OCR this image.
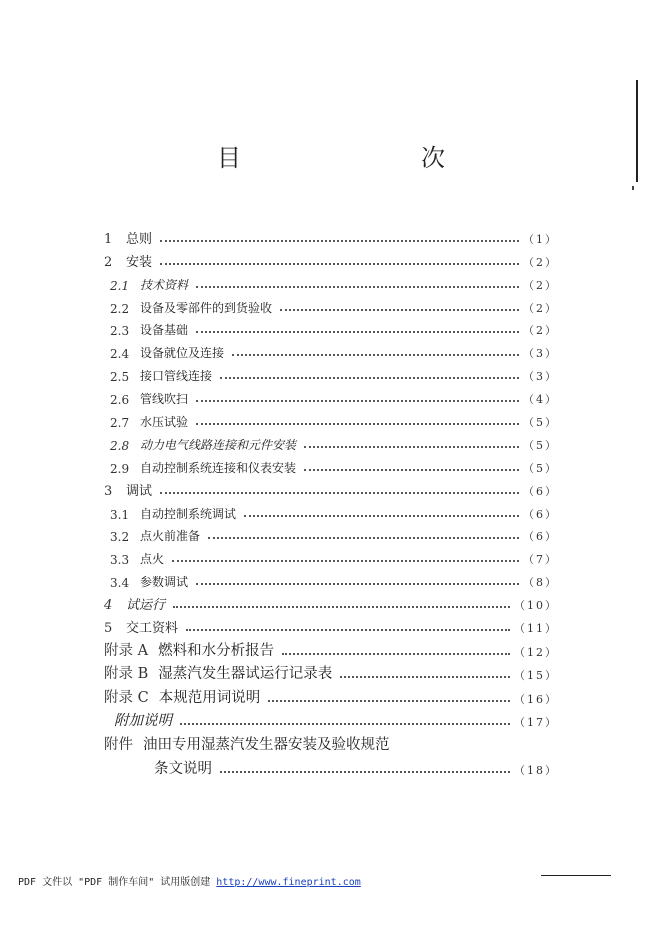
目　　次
1	总则	（1）
2	安装	（2）
2.1 技术资料	（2）
2.2 设备及零部件的到货验收	（2）
2.3 设备基础	（2）
2.4 设备就位及连接	（3）
2.5 接口管线连接	（3）
2.6 管线吹扫	（4）
2.7 水压试验	（5）
2.8 动力电气线路连接和元件安装	（5）
2.9 自动控制系统连接和仪表安装	（5）
3	调试	（6）
3.1 自动控制系统调试	（6）
3.2 点火前准备	（6）
3.3 点火	（7）
3.4 参数调试	（8）
4	试运行	（10）
5	交工资料	（11）
附录 A 燃料和水分析报告	（12）
附录 B 湿蒸汽发生器试运行记录表	（15）
附录 C 本规范用词说明	（16）
附加说明	（17）
附件 油田专用湿蒸汽发生器安装及验收规范
条文说明	（18）
PDF 文件以 "PDF 制作车间" 试用版创建 http://www.fineprint.com
